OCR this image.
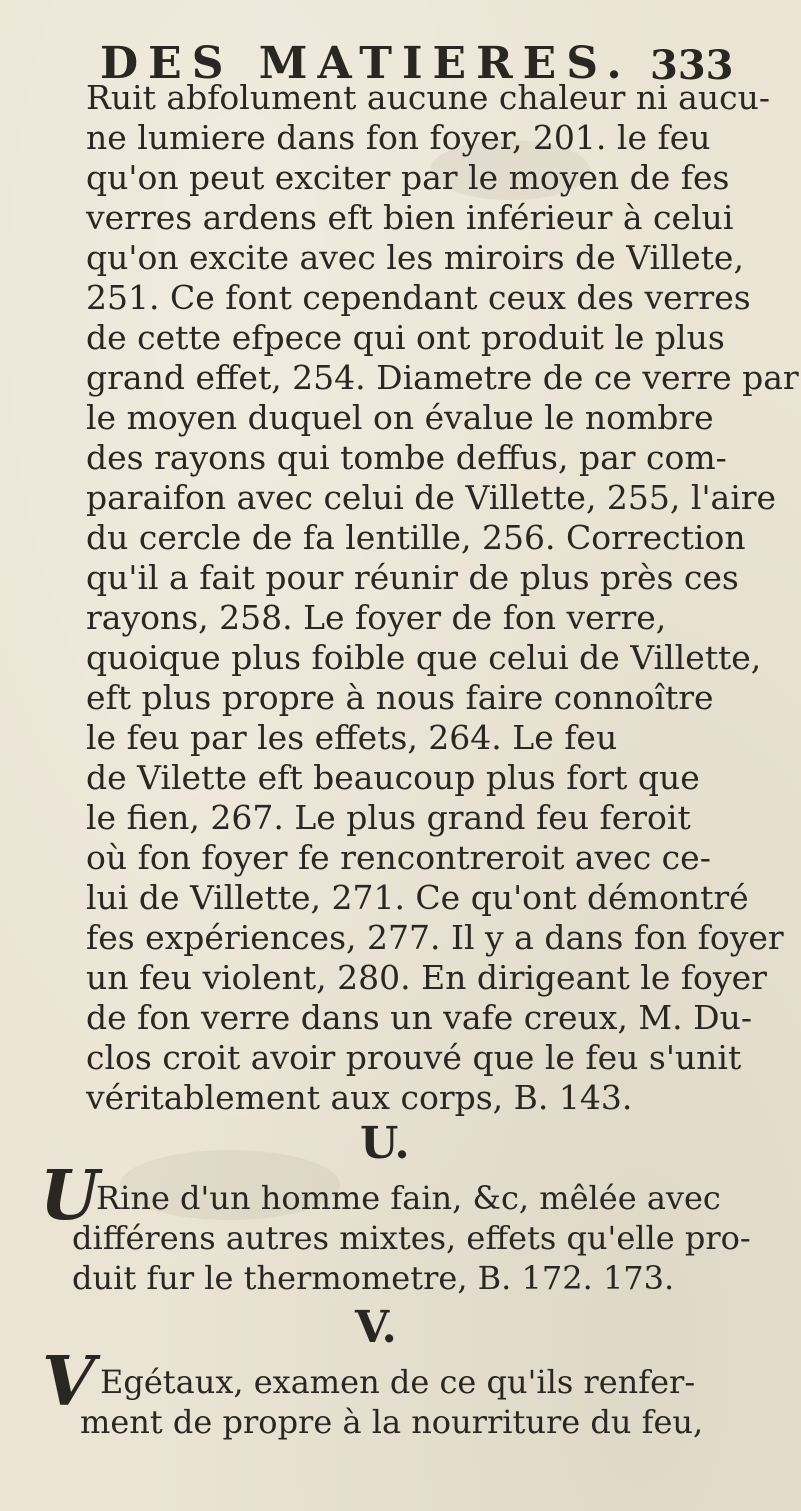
DES MATIERES. 333
Ruit abfolument aucune chaleur ni aucu-
ne lumiere dans fon foyer, 201. le feu
qu'on peut exciter par le moyen de fes
verres ardens eft bien inférieur à celui
qu'on excite avec les miroirs de Villete,
251. Ce font cependant ceux des verres
de cette efpece qui ont produit le plus
grand effet, 254. Diametre de ce verre par
le moyen duquel on évalue le nombre
des rayons qui tombe deffus, par com-
paraifon avec celui de Villette, 255, l'aire
du cercle de fa lentille, 256. Correction
qu'il a fait pour réunir de plus près ces
rayons, 258. Le foyer de fon verre,
quoique plus foible que celui de Villette,
eft plus propre à nous faire connoître
le feu par les effets, 264. Le feu
de Vilette eft beaucoup plus fort que
le fien, 267. Le plus grand feu feroit
où fon foyer fe rencontreroit avec ce-
lui de Villette, 271. Ce qu'ont démontré
fes expériences, 277. Il y a dans fon foyer
un feu violent, 280. En dirigeant le foyer
de fon verre dans un vafe creux, M. Du-
clos croit avoir prouvé que le feu s'unit
véritablement aux corps, B. 143.
U.
U
Rine d'un homme fain, &c, mêlée avec
différens autres mixtes, effets qu'elle pro-
duit fur le thermometre, B. 172. 173.
V.
V Egétaux, examen de ce qu'ils renfer-
ment de propre à la nourriture du feu,
